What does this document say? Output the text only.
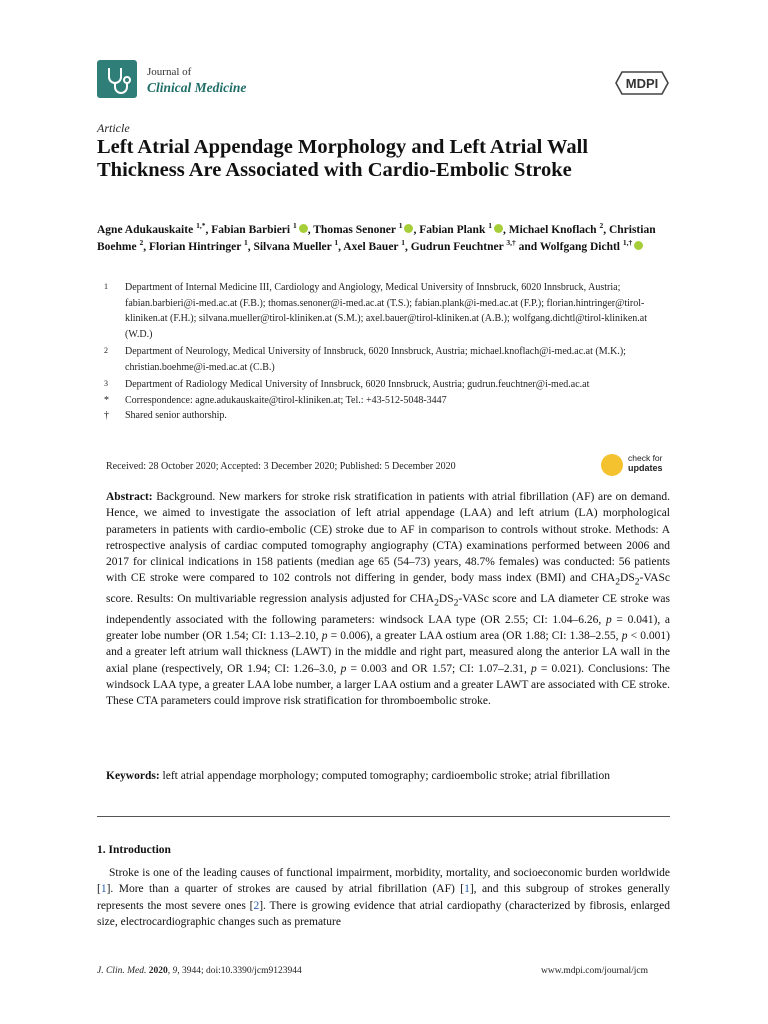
Journal of
Clinical Medicine	MDPI
Article
Left Atrial Appendage Morphology and Left Atrial Wall Thickness Are Associated with Cardio-Embolic Stroke
Agne Adukauskaite $^{1,*}$, Fabian Barbieri $^1$ , Thomas Senoner $^1$ , Fabian Plank $^1$ , Michael Knoflach $^2$, Christian Boehme $^2$, Florian Hintringer $^1$, Silvana Mueller $^1$, Axel Bauer $^1$, Gudrun Feuchtner $^{3,\dagger}$ and Wolfgang Dichtl $^{1,\dagger}$
1 Department of Internal Medicine III, Cardiology and Angiology, Medical University of Innsbruck, 6020 Innsbruck, Austria; fabian.barbieri@i-med.ac.at (F.B.); thomas.senoner@i-med.ac.at (T.S.); fabian.plank@i-med.ac.at (F.P.); florian.hintringer@tirol-kliniken.at (F.H.); silvana.mueller@tirol-kliniken.at (S.M.); axel.bauer@tirol-kliniken.at (A.B.); wolfgang.dichtl@tirol-kliniken.at (W.D.)
2 Department of Neurology, Medical University of Innsbruck, 6020 Innsbruck, Austria; michael.knoflach@i-med.ac.at (M.K.); christian.boehme@i-med.ac.at (C.B.)
3 Department of Radiology Medical University of Innsbruck, 6020 Innsbruck, Austria; gudrun.feuchtner@i-med.ac.at
* Correspondence: agne.adukauskaite@tirol-kliniken.at; Tel.: +43-512-5048-3447
† Shared senior authorship.
Received: 28 October 2020; Accepted: 3 December 2020; Published: 5 December 2020
check for
updates
Abstract: Background. New markers for stroke risk stratification in patients with atrial fibrillation (AF) are on demand. Hence, we aimed to investigate the association of left atrial appendage (LAA) and left atrium (LA) morphological parameters in patients with cardio-embolic (CE) stroke due to AF in comparison to controls without stroke. Methods: A retrospective analysis of cardiac computed tomography angiography (CTA) examinations performed between 2006 and 2017 for clinical indications in 158 patients (median age 65 (54–73) years, 48.7% females) was conducted: 56 patients with CE stroke were compared to 102 controls not differing in gender, body mass index (BMI) and $CHA_2DS_2$-VASc score. Results: On multivariable regression analysis adjusted for $CHA_2DS_2$-VASc score and LA diameter CE stroke was independently associated with the following parameters: windsock LAA type (OR 2.55; CI: 1.04–6.26, p = 0.041), a greater lobe number (OR 1.54; CI: 1.13–2.10, p = 0.006), a greater LAA ostium area (OR 1.88; CI: 1.38–2.55, p < 0.001) and a greater left atrium wall thickness (LAWT) in the middle and right part, measured along the anterior LA wall in the axial plane (respectively, OR 1.94; CI: 1.26–3.0, p = 0.003 and OR 1.57; CI: 1.07–2.31, p = 0.021). Conclusions: The windsock LAA type, a greater LAA lobe number, a larger LAA ostium and a greater LAWT are associated with CE stroke. These CTA parameters could improve risk stratification for thromboembolic stroke.
Keywords: left atrial appendage morphology; computed tomography; cardioembolic stroke; atrial fibrillation
1. Introduction
Stroke is one of the leading causes of functional impairment, morbidity, mortality, and socioeconomic burden worldwide [1]. More than a quarter of strokes are caused by atrial fibrillation (AF) [1], and this subgroup of strokes generally represents the most severe ones [2]. There is growing evidence that atrial cardiopathy (characterized by fibrosis, enlarged size, electrocardiographic changes such as premature
J. Clin. Med. 2020, 9, 3944; doi:10.3390/jcm9123944	www.mdpi.com/journal/jcm
